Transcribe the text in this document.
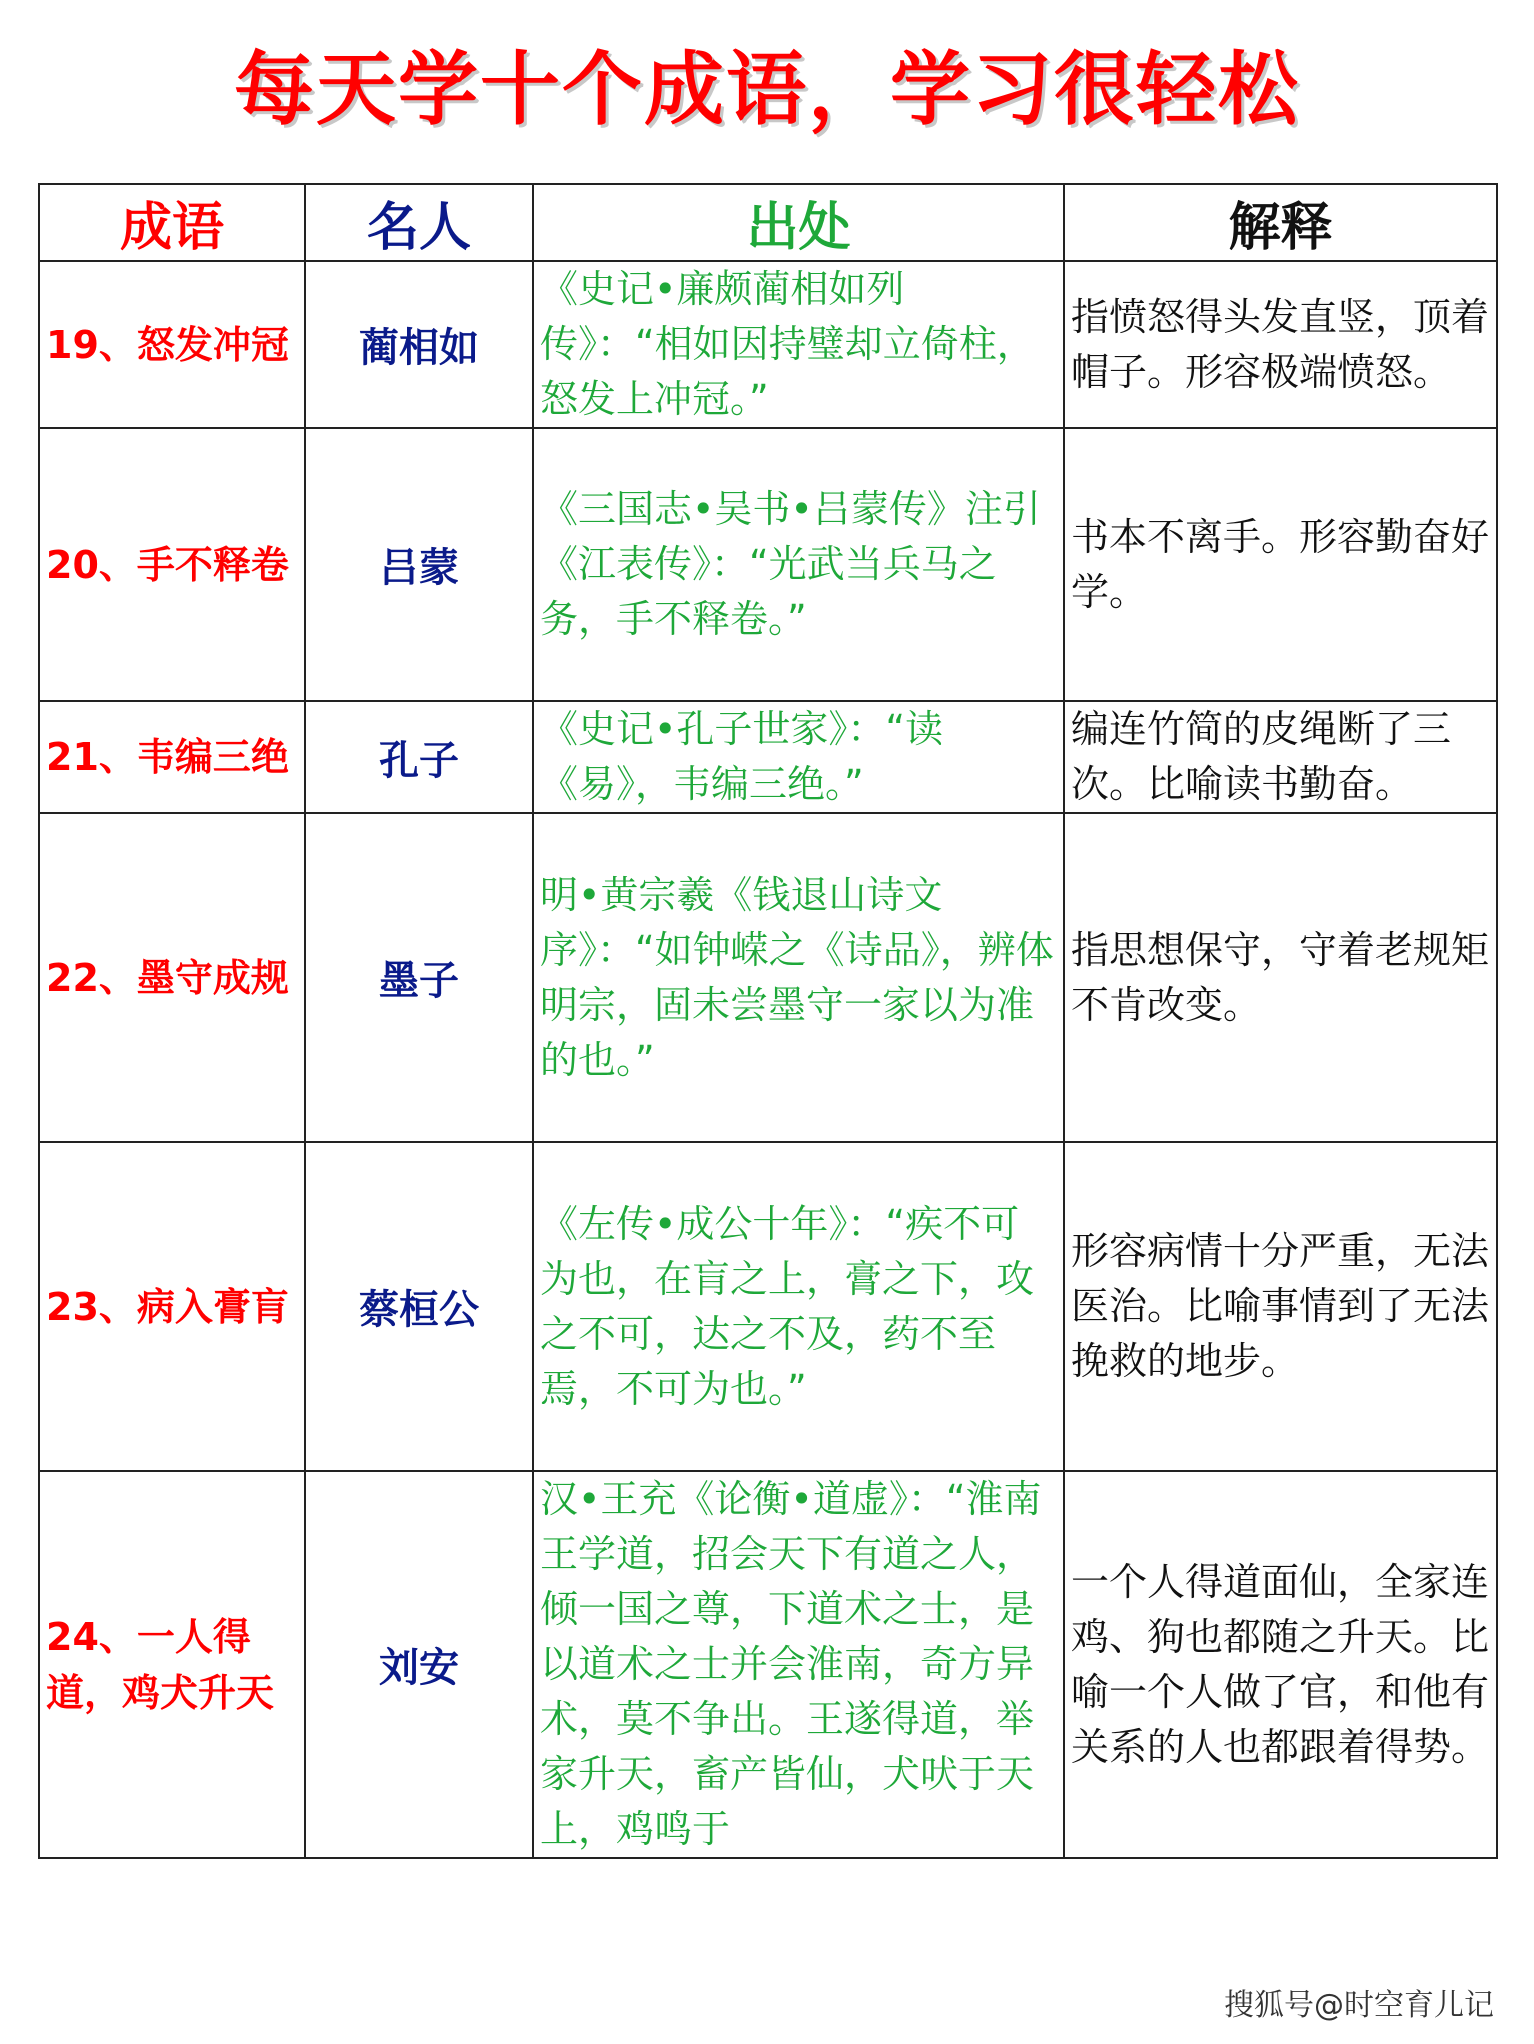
每天学十个成语，学习很轻松
成语	名人	出处	解释
19、怒发冲冠	蔺相如	《史记•廉颇蔺相如列传》：“相如因持璧却立倚柱，怒发上冲冠。”	指愤怒得头发直竖，顶着帽子。形容极端愤怒。
20、手不释卷	吕蒙	《三国志•吴书•吕蒙传》注引《江表传》：“光武当兵马之务，手不释卷。”	书本不离手。形容勤奋好学。
21、韦编三绝	孔子	《史记•孔子世家》：“读《易》，韦编三绝。”	编连竹简的皮绳断了三次。比喻读书勤奋。
22、墨守成规	墨子	明•黄宗羲《钱退山诗文序》：“如钟嵘之《诗品》，辨体明宗，固未尝墨守一家以为准的也。”	指思想保守，守着老规矩不肯改变。
23、病入膏肓	蔡桓公	《左传•成公十年》：“疾不可为也，在肓之上，膏之下，攻之不可，达之不及，药不至焉，不可为也。”	形容病情十分严重，无法医治。比喻事情到了无法挽救的地步。
24、一人得道，鸡犬升天	刘安	汉•王充《论衡•道虚》：“淮南王学道，招会天下有道之人，倾一国之尊，下道术之士，是以道术之士并会淮南，奇方异术，莫不争出。王遂得道，举家升天，畜产皆仙，犬吠于天上，鸡鸣于	一个人得道面仙，全家连鸡、狗也都随之升天。比喻一个人做了官，和他有关系的人也都跟着得势。
搜狐号@时空育儿记
